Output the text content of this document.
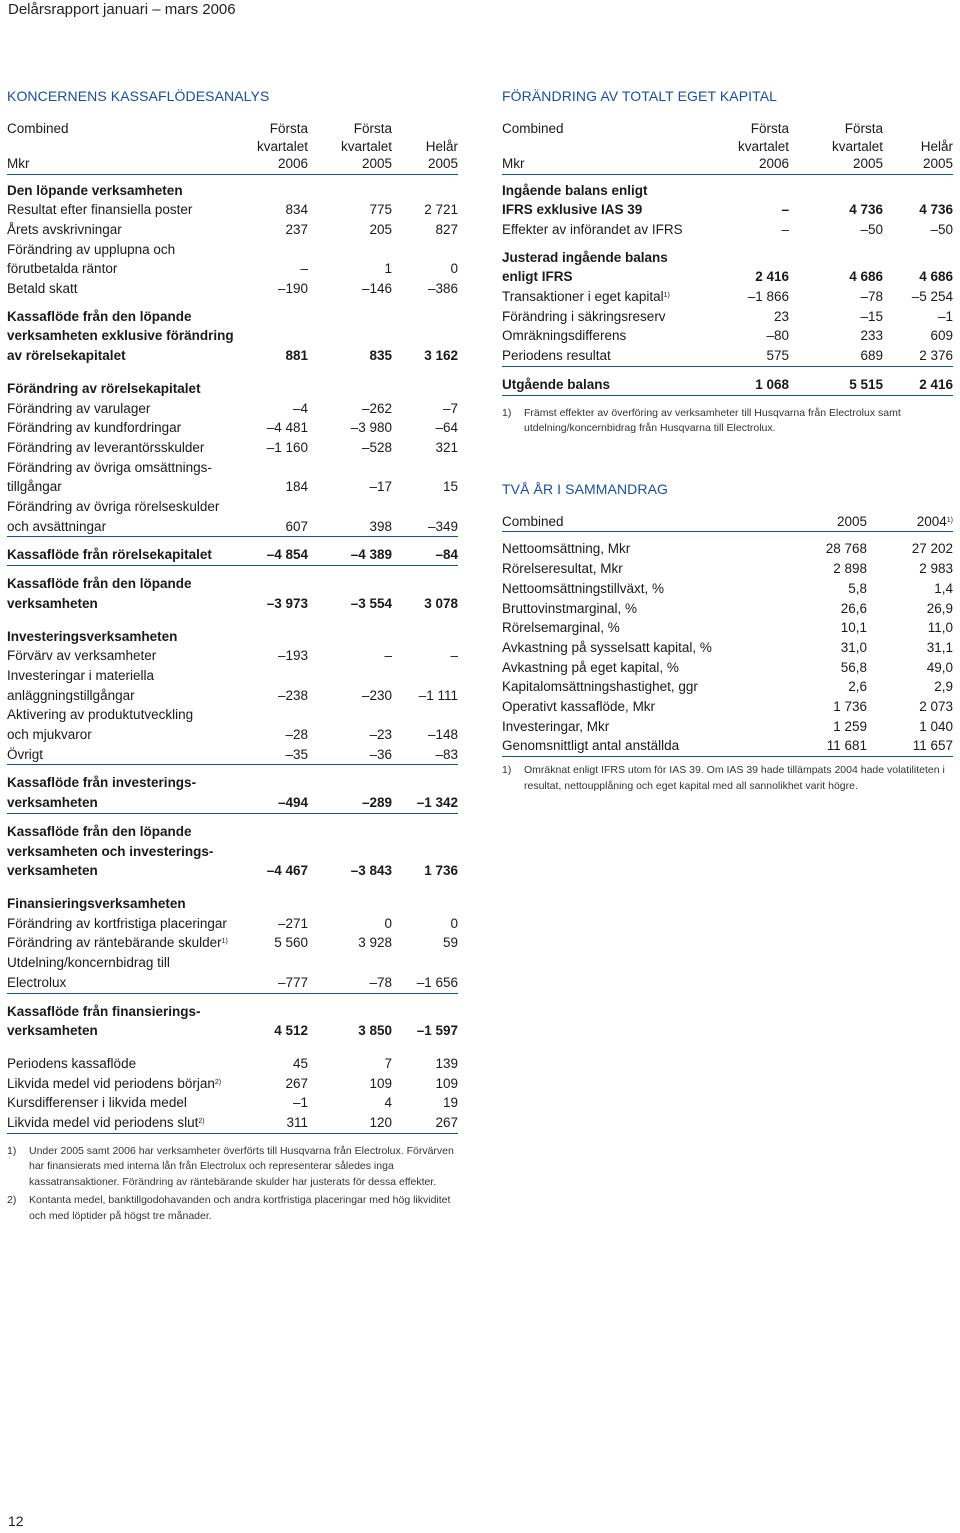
Delårsrapport januari – mars 2006
KONCERNENS KASSAFLÖDESANALYS
Combined	Första	Första
kvartalet	kvartalet	Helår
Mkr	2006	2005	2005
Den löpande verksamheten
Resultat efter finansiella poster	834	775	2 721
Årets avskrivningar	237	205	827
Förändring av upplupna och
förutbetalda räntor	–	1	0
Betald skatt	–190	–146	–386
Kassaflöde från den löpande
verksamheten exklusive förändring
av rörelsekapitalet	881	835	3 162
Förändring av rörelsekapitalet
Förändring av varulager	–4	–262	–7
Förändring av kundfordringar	–4 481	–3 980	–64
Förändring av leverantörsskulder	–1 160	–528	321
Förändring av övriga omsättnings-
tillgångar	184	–17	15
Förändring av övriga rörelseskulder
och avsättningar	607	398	–349
Kassaflöde från rörelsekapitalet	–4 854	–4 389	–84
Kassaflöde från den löpande
verksamheten	–3 973	–3 554	3 078
Investeringsverksamheten
Förvärv av verksamheter	–193	–	–
Investeringar i materiella
anläggningstillgångar	–238	–230	–1 111
Aktivering av produktutveckling
och mjukvaror	–28	–23	–148
Övrigt	–35	–36	–83
Kassaflöde från investerings-
verksamheten	–494	–289	–1 342
Kassaflöde från den löpande
verksamheten och investerings-
verksamheten	–4 467	–3 843	1 736
Finansieringsverksamheten
Förändring av kortfristiga placeringar	–271	0	0
Förändring av räntebärande skulder$^{1)}$	5 560	3 928	59
Utdelning/koncernbidrag till
Electrolux	–777	–78	–1 656
Kassaflöde från finansierings-
verksamheten	4 512	3 850	–1 597
Periodens kassaflöde	45	7	139
Likvida medel vid periodens början$^{2)}$	267	109	109
Kursdifferenser i likvida medel	–1	4	19
Likvida medel vid periodens slut$^{2)}$	311	120	267
1)	Under 2005 samt 2006 har verksamheter överförts till Husqvarna från Electrolux. Förvärven har finansierats med interna lån från Electrolux och representerar således inga kassatransaktioner. Förändring av räntebärande skulder har justerats för dessa effekter.
2)	Kontanta medel, banktillgodohavanden och andra kortfristiga placeringar med hög likviditet och med löptider på högst tre månader.
FÖRÄNDRING AV TOTALT EGET KAPITAL
Combined	Första	Första
kvartalet	kvartalet	Helår
Mkr	2006	2005	2005
Ingående balans enligt
IFRS exklusive IAS 39	–	4 736	4 736
Effekter av införandet av IFRS	–	–50	–50
Justerad ingående balans
enligt IFRS	2 416	4 686	4 686
Transaktioner i eget kapital$^{1)}$	–1 866	–78	–5 254
Förändring i säkringsreserv	23	–15	–1
Omräkningsdifferens	–80	233	609
Periodens resultat	575	689	2 376
Utgående balans	1 068	5 515	2 416
1)	Främst effekter av överföring av verksamheter till Husqvarna från Electrolux samt utdelning/koncernbidrag från Husqvarna till Electrolux.
TVÅ ÅR I SAMMANDRAG
Combined	2005	2004$^{1)}$
Nettoomsättning, Mkr	28 768	27 202
Rörelseresultat, Mkr	2 898	2 983
Nettoomsättningstillväxt, %	5,8	1,4
Bruttovinstmarginal, %	26,6	26,9
Rörelsemarginal, %	10,1	11,0
Avkastning på sysselsatt kapital, %	31,0	31,1
Avkastning på eget kapital, %	56,8	49,0
Kapitalomsättningshastighet, ggr	2,6	2,9
Operativt kassaflöde, Mkr	1 736	2 073
Investeringar, Mkr	1 259	1 040
Genomsnittligt antal anställda	11 681	11 657
1)	Omräknat enligt IFRS utom för IAS 39. Om IAS 39 hade tillämpats 2004 hade volatiliteten i resultat, nettoupplåning och eget kapital med all sannolikhet varit högre.
12
